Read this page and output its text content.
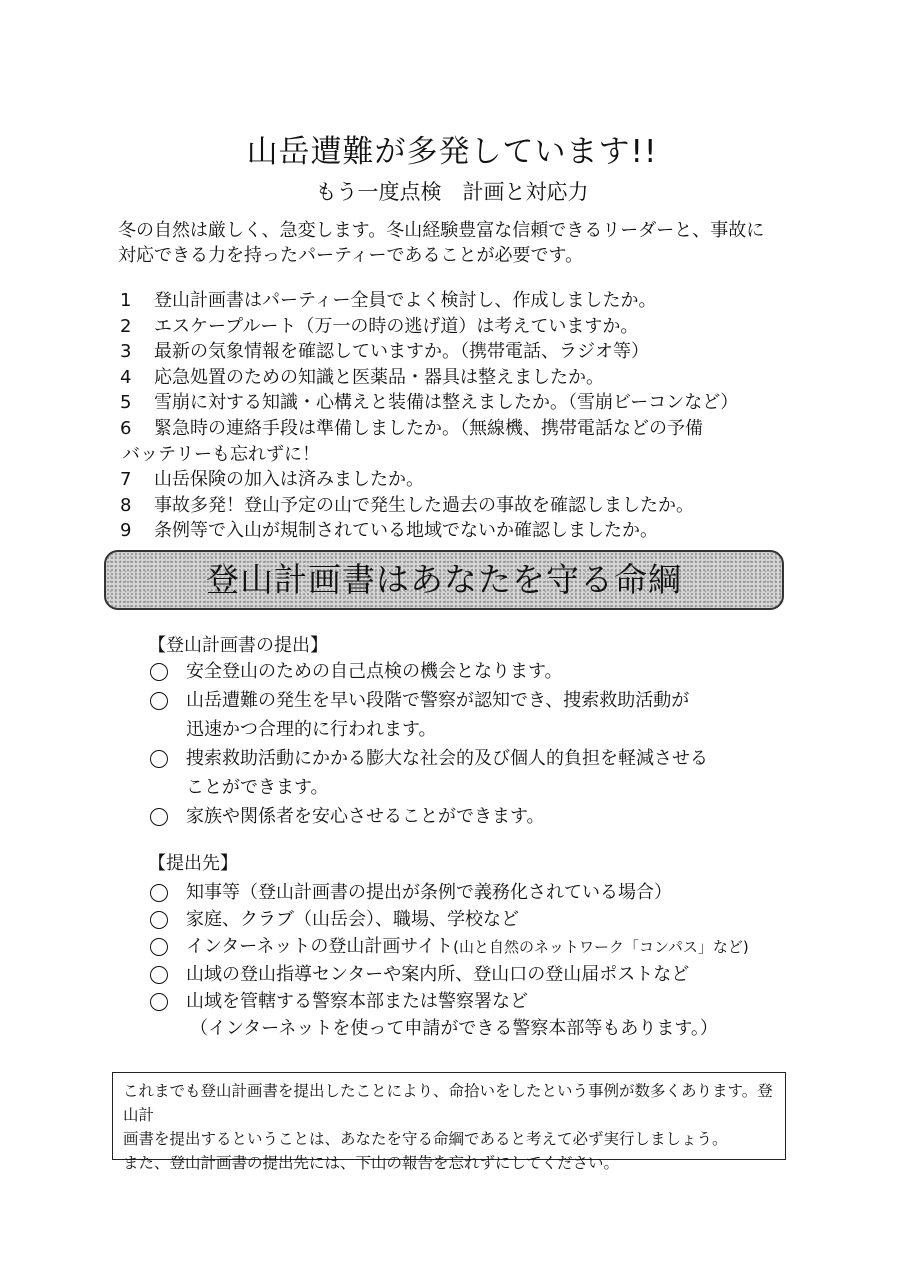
山岳遭難が多発しています!!
もう一度点検　計画と対応力
冬の自然は厳しく、急変します。冬山経験豊富な信頼できるリーダーと、事故に
対応できる力を持ったパーティーであることが必要です。
1 登山計画書はパーティー全員でよく検討し、作成しましたか。
2 エスケープルート（万一の時の逃げ道）は考えていますか。
3 最新の気象情報を確認していますか。（携帯電話、ラジオ等）
4 応急処置のための知識と医薬品・器具は整えましたか。
5 雪崩に対する知識・心構えと装備は整えましたか。（雪崩ビーコンなど）
6 緊急時の連絡手段は準備しましたか。（無線機、携帯電話などの予備
バッテリーも忘れずに！
7 山岳保険の加入は済みましたか。
8 事故多発！登山予定の山で発生した過去の事故を確認しましたか。
9 条例等で入山が規制されている地域でないか確認しましたか。
登山計画書はあなたを守る命綱
【登山計画書の提出】
安全登山のための自己点検の機会となります。
山岳遭難の発生を早い段階で警察が認知でき、捜索救助活動が
迅速かつ合理的に行われます。
捜索救助活動にかかる膨大な社会的及び個人的負担を軽減させる
ことができます。
家族や関係者を安心させることができます。
【提出先】
知事等（登山計画書の提出が条例で義務化されている場合）
家庭、クラブ（山岳会）、職場、学校など
インターネットの登山計画サイト(山と自然のネットワーク「コンパス」など)
山域の登山指導センターや案内所、登山口の登山届ポストなど
山域を管轄する警察本部または警察署など
（インターネットを使って申請ができる警察本部等もあります。）

これまでも登山計画書を提出したことにより、命拾いをしたという事例が数多くあります。登山計

画書を提出するということは、あなたを守る命綱であると考えて必ず実行しましょう。

また、登山計画書の提出先には、下山の報告を忘れずにしてください。
